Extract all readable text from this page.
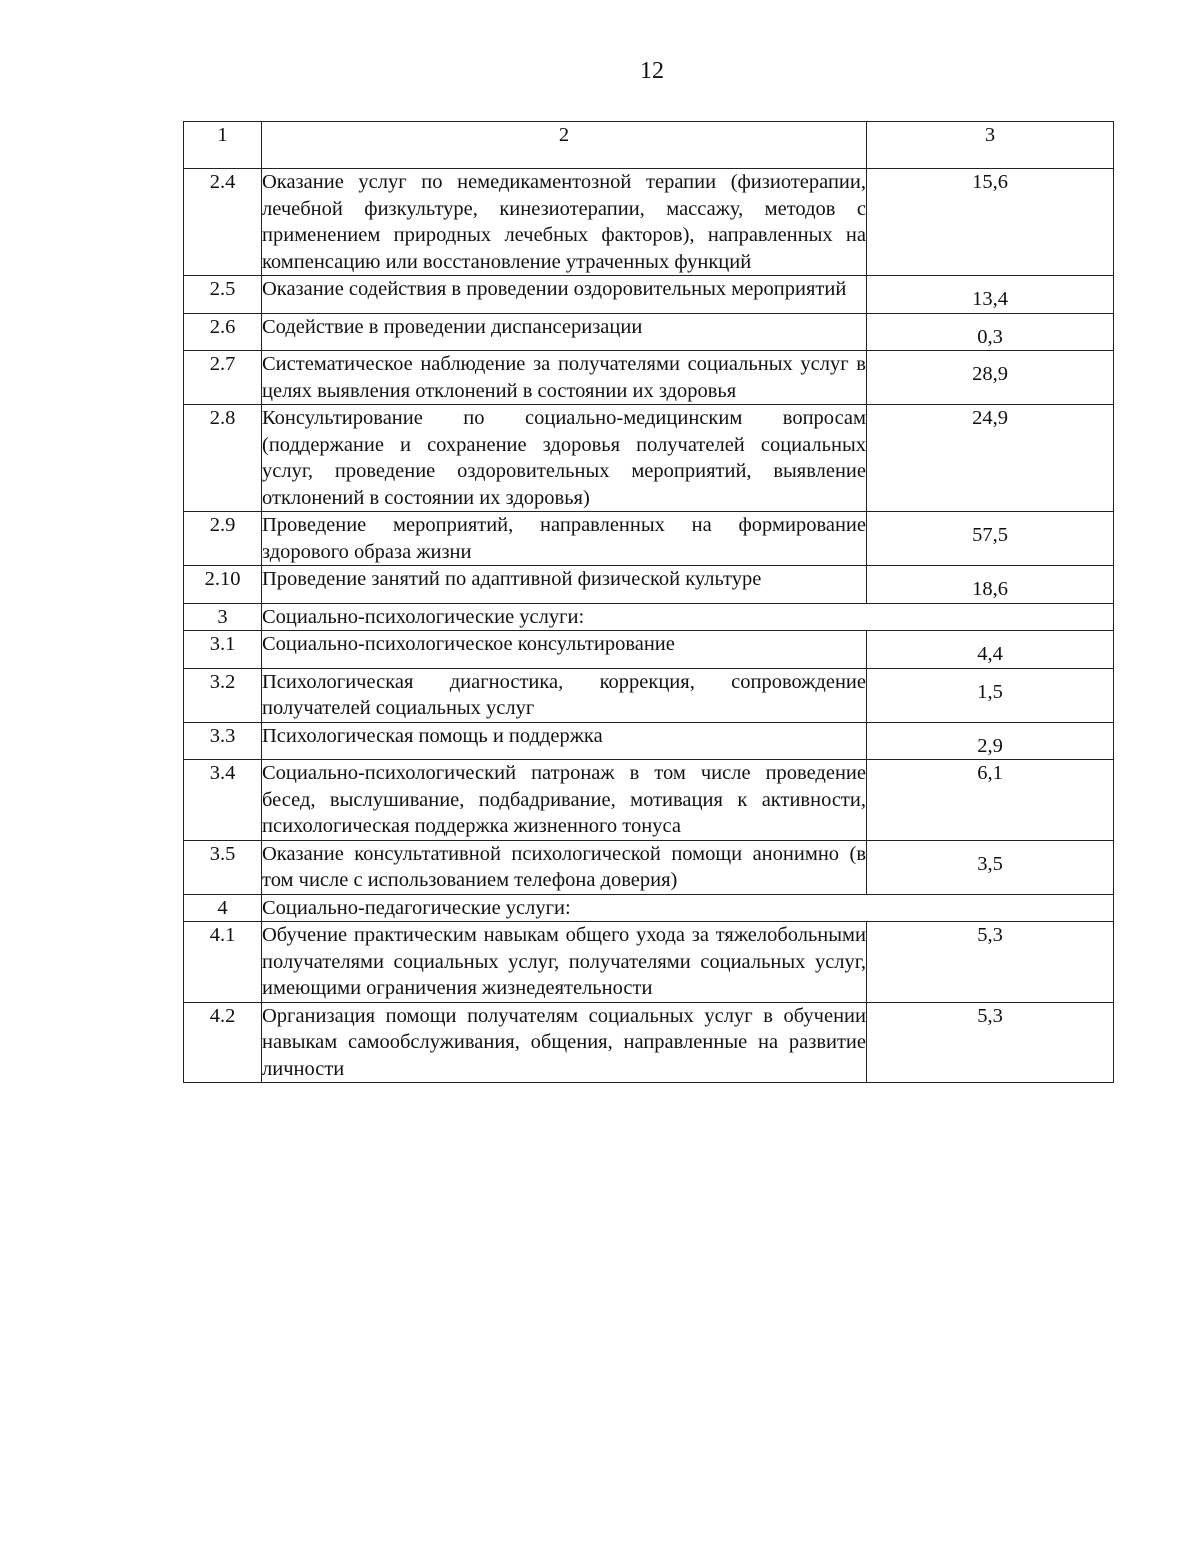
12
1	2	3
2.4	Оказание услуг по немедикаментозной терапии (физиотерапии, лечебной физкультуре, кинезиотерапии, массажу, методов с применением природных лечебных факторов), направленных на компенсацию или восстановление утраченных функций	15,6
2.5	Оказание содействия в проведении оздоровительных мероприятий	13,4
2.6	Содействие в проведении диспансеризации	0,3
2.7	Систематическое наблюдение за получателями социальных услуг в целях выявления отклонений в состоянии их здоровья	28,9
2.8	Консультирование по социально-медицинским вопросам (поддержание и сохранение здоровья получателей социальных услуг, проведение оздоровительных мероприятий, выявление отклонений в состоянии их здоровья)	24,9
2.9	Проведение мероприятий, направленных на формирование здорового образа жизни	57,5
2.10	Проведение занятий по адаптивной физической культуре	18,6
3	Социально-психологические услуги:	
3.1	Социально-психологическое консультирование	4,4
3.2	Психологическая диагностика, коррекция, сопровождение получателей социальных услуг	1,5
3.3	Психологическая помощь и поддержка	2,9
3.4	Социально-психологический патронаж в том числе проведение бесед, выслушивание, подбадривание, мотивация к активности, психологическая поддержка жизненного тонуса	6,1
3.5	Оказание консультативной психологической помощи анонимно (в том числе с использованием телефона доверия)	3,5
4	Социально-педагогические услуги:	
4.1	Обучение практическим навыкам общего ухода за тяжелобольными получателями социальных услуг, получателями социальных услуг, имеющими ограничения жизнедеятельности	5,3
4.2	Организация помощи получателям социальных услуг в обучении навыкам самообслуживания, общения, направленные на развитие личности	5,3
